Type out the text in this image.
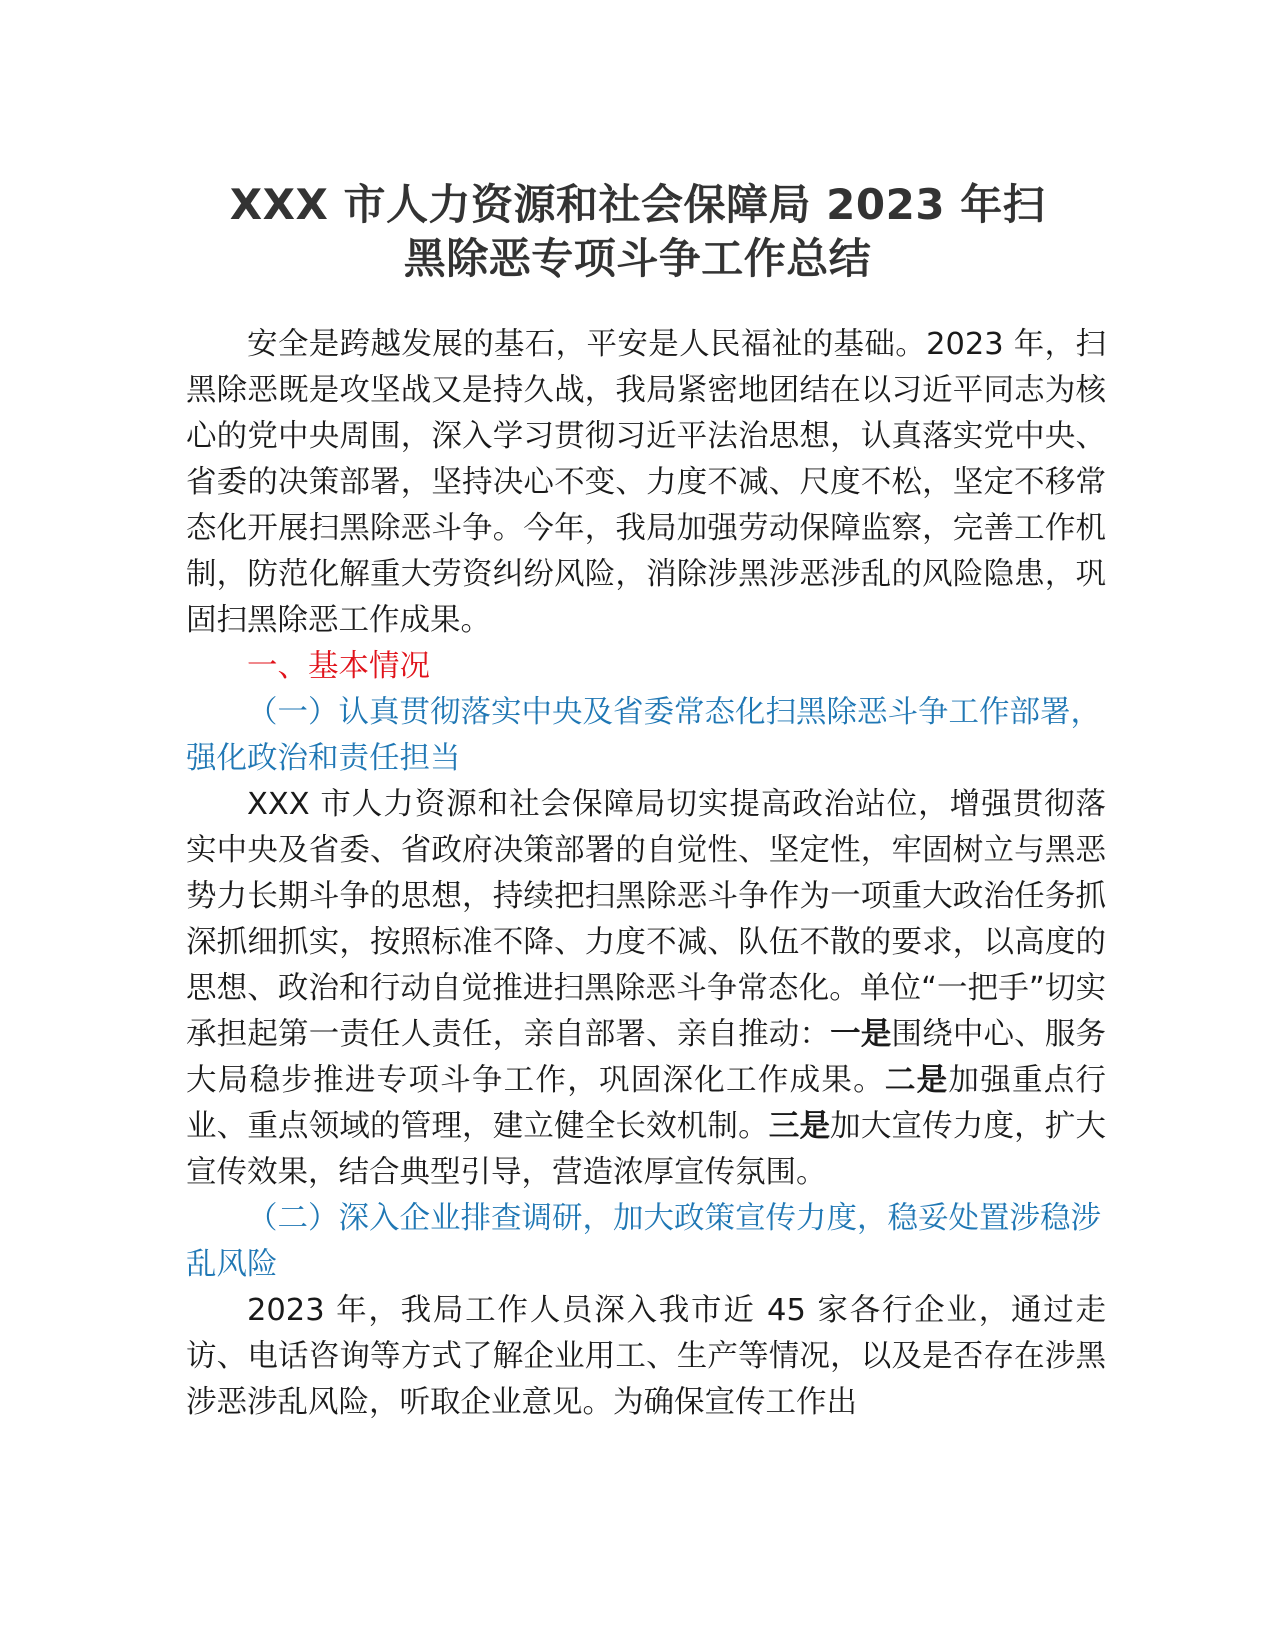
XXX 市人力资源和社会保障局 2023 年扫
黑除恶专项斗争工作总结

安全是跨越发展的基石，平安是人民福祉的基础。2023 年，扫黑除恶既是攻坚战又是持久战，我局紧密地团结在以习近平同志为核心的党中央周围，深入学习贯彻习近平法治思想，认真落实党中央、省委的决策部署，坚持决心不变、力度不减、尺度不松，坚定不移常态化开展扫黑除恶斗争。今年，我局加强劳动保障监察，完善工作机制，防范化解重大劳资纠纷风险，消除涉黑涉恶涉乱的风险隐患，巩固扫黑除恶工作成果。

一、基本情况

（一）认真贯彻落实中央及省委常态化扫黑除恶斗争工作部署，强化政治和责任担当

XXX 市人力资源和社会保障局切实提高政治站位，增强贯彻落实中央及省委、省政府决策部署的自觉性、坚定性，牢固树立与黑恶势力长期斗争的思想，持续把扫黑除恶斗争作为一项重大政治任务抓深抓细抓实，按照标准不降、力度不减、队伍不散的要求，以高度的思想、政治和行动自觉推进扫黑除恶斗争常态化。单位“一把手”切实承担起第一责任人责任，亲自部署、亲自推动：一是围绕中心、服务大局稳步推进专项斗争工作，巩固深化工作成果。二是加强重点行业、重点领域的管理，建立健全长效机制。三是加大宣传力度，扩大宣传效果，结合典型引导，营造浓厚宣传氛围。

（二）深入企业排查调研，加大政策宣传力度，稳妥处置涉稳涉乱风险

2023 年，我局工作人员深入我市近 45 家各行企业，通过走访、电话咨询等方式了解企业用工、生产等情况，以及是否存在涉黑涉恶涉乱风险，听取企业意见。为确保宣传工作出
